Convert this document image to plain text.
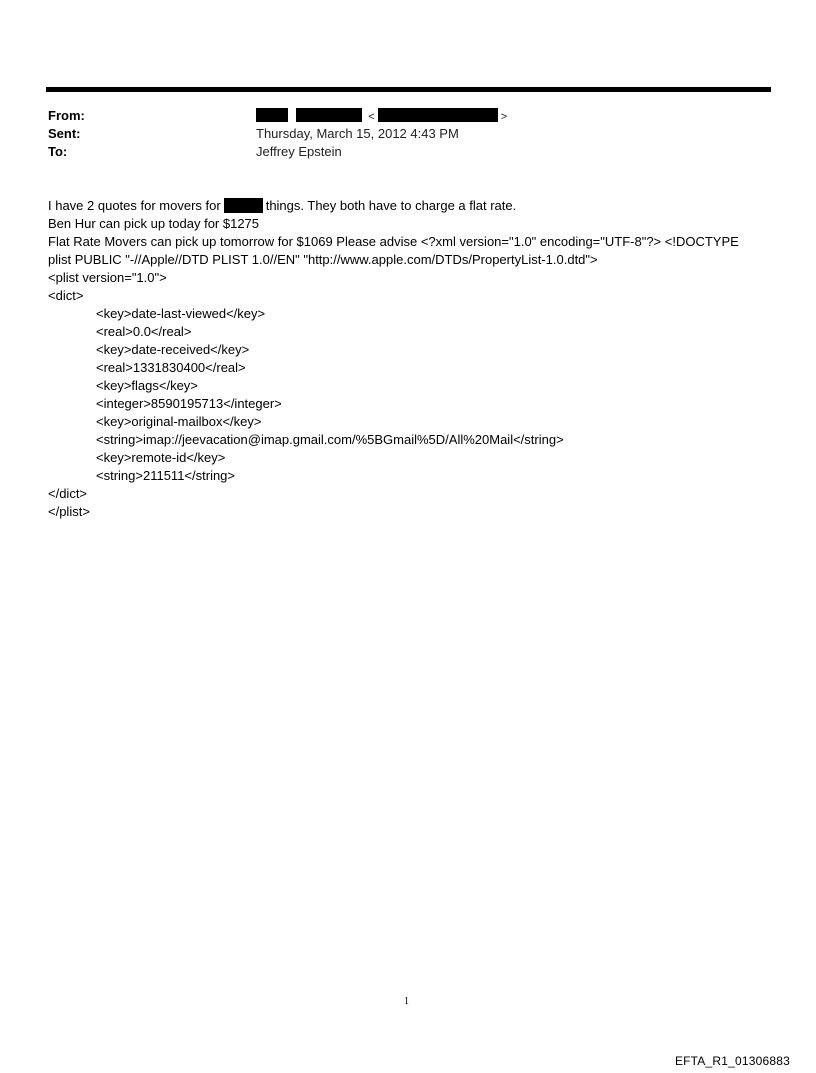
From:	<	>
Sent:	Thursday, March 15, 2012 4:43 PM
To:	Jeffrey Epstein
I have 2 quotes for movers for	things. They both have to charge a flat rate.
Ben Hur can pick up today for $1275
Flat Rate Movers can pick up tomorrow for $1069 Please advise <?xml version="1.0" encoding="UTF-8"?> <!DOCTYPE
plist PUBLIC "-//Apple//DTD PLIST 1.0//EN" "http://www.apple.com/DTDs/PropertyList-1.0.dtd">
<plist version="1.0">
<dict>
<key>date-last-viewed</key>
<real>0.0</real>
<key>date-received</key>
<real>1331830400</real>
<key>flags</key>
<integer>8590195713</integer>
<key>original-mailbox</key>
<string>imap://jeevacation@imap.gmail.com/%5BGmail%5D/All%20Mail</string>
<key>remote-id</key>
<string>211511</string>
</dict>
</plist>
1
EFTA_R1_01306883
